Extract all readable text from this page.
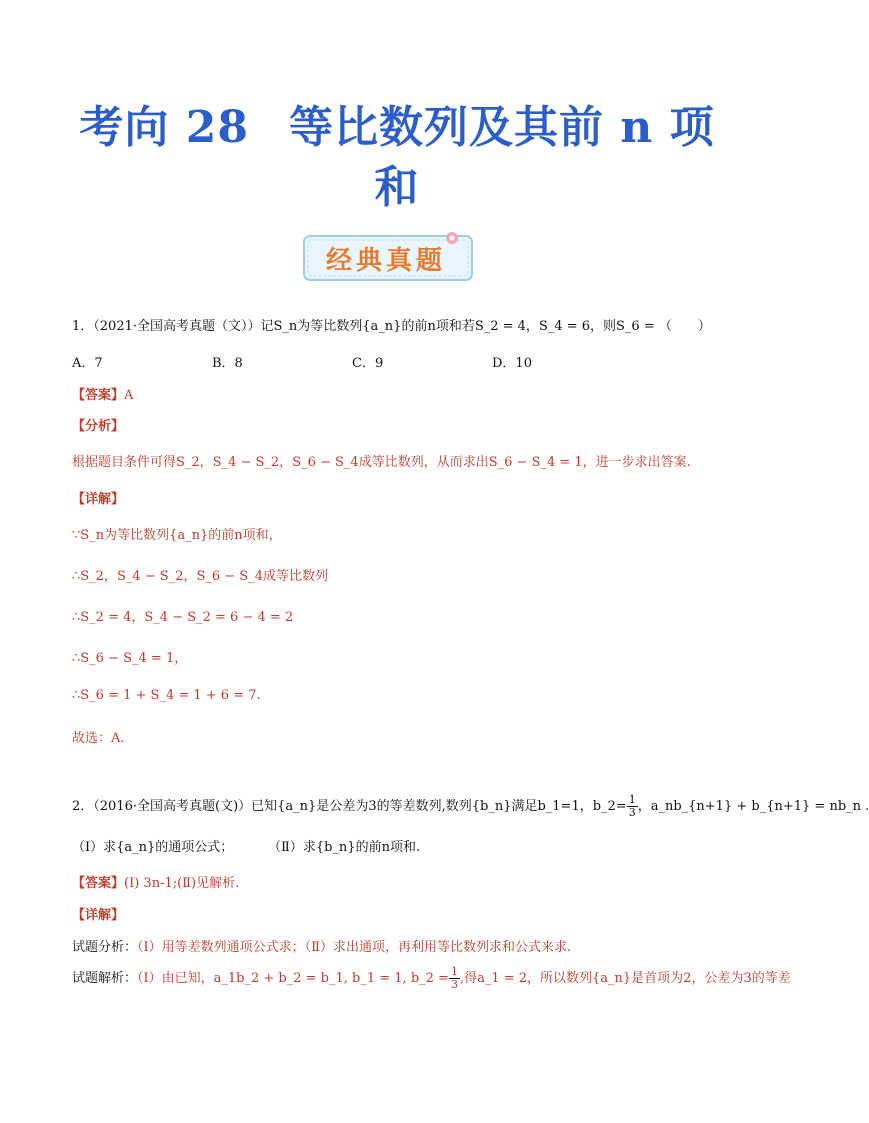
考向 28 等比数列及其前 n 项
和
经典真题
1．（2021·全国高考真题（文））记S_n为等比数列{a_n}的前n项和若S_2 = 4，S_4 = 6，则S_6 = （　　）
A．7	B．8	C．9	D．10
【答案】A
【分析】
根据题目条件可得S_2，S_4 − S_2，S_6 − S_4成等比数列，从而求出S_6 − S_4 = 1，进一步求出答案.
【详解】
∵S_n为等比数列{a_n}的前n项和，
∴S_2，S_4 − S_2，S_6 − S_4成等比数列
∴S_2 = 4，S_4 − S_2 = 6 − 4 = 2
∴S_6 − S_4 = 1，
∴S_6 = 1 + S_4 = 1 + 6 = 7.
故选：A.
2．（2016·全国高考真题(文)）已知{a_n}是公差为3的等差数列,数列{b_n}满足b_1=1，b_2= $\frac{1}{3}$ ，a_nb_{n+1} + b_{n+1} = nb_n .
（Ⅰ）求{a_n}的通项公式；	（Ⅱ）求{b_n}的前n项和.
【答案】(Ⅰ) 3n-1;(Ⅱ)见解析.
【详解】
试题分析：（Ⅰ）用等差数列通项公式求；（Ⅱ）求出通项，再利用等比数列求和公式来求.
试题解析：（Ⅰ）由已知，a_1b_2 + b_2 = b_1, b_1 = 1, b_2 = $\frac{1}{3}$ ,得a_1 = 2，所以数列{a_n}是首项为2，公差为3的等差
